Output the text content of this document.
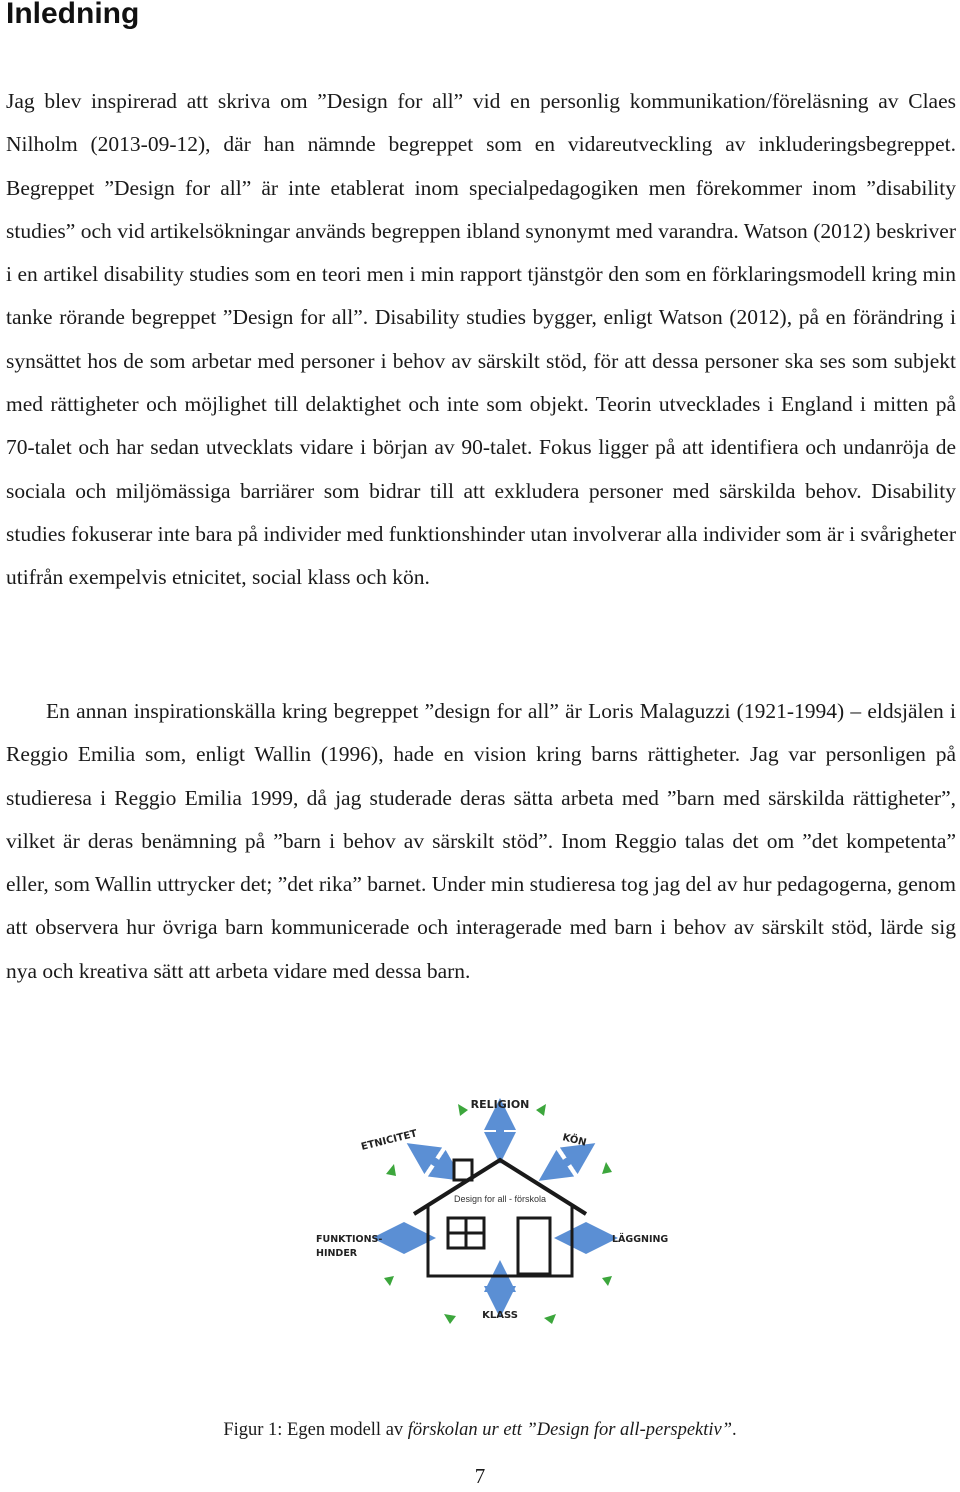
Inledning

Jag blev inspirerad att skriva om ”Design for all” vid en personlig kommunikation/föreläsning av Claes Nilholm (2013-09-12), där han nämnde begreppet som en vidareutveckling av inkluderingsbegreppet. Begreppet ”Design for all” är inte etablerat inom specialpedagogiken men förekommer inom ”disability studies” och vid artikelsökningar används begreppen ibland synonymt med varandra. Watson (2012) beskriver i en artikel disability studies som en teori men i min rapport tjänstgör den som en förklaringsmodell kring min tanke rörande begreppet ”Design for all”. Disability studies bygger, enligt Watson (2012), på en förändring i synsättet hos de som arbetar med personer i behov av särskilt stöd, för att dessa personer ska ses som subjekt med rättigheter och möjlighet till delaktighet och inte som objekt. Teorin utvecklades i England i mitten på 70-talet och har sedan utvecklats vidare i början av 90-talet. Fokus ligger på att identifiera och undanröja de sociala och miljömässiga barriärer som bidrar till att exkludera personer med särskilda behov. Disability studies fokuserar inte bara på individer med funktionshinder utan involverar alla individer som är i svårigheter utifrån exempelvis etnicitet, social klass och kön.

En annan inspirationskälla kring begreppet ”design for all” är Loris Malaguzzi (1921-1994) – eldsjälen i Reggio Emilia som, enligt Wallin (1996), hade en vision kring barns rättigheter. Jag var personligen på studieresa i Reggio Emilia 1999, då jag studerade deras sätta arbeta med ”barn med särskilda rättigheter”, vilket är deras benämning på ”barn i behov av särskilt stöd”. Inom Reggio talas det om ”det kompetenta” eller, som Wallin uttrycker det; ”det rika” barnet. Under min studieresa tog jag del av hur pedagogerna, genom att observera hur övriga barn kommunicerade och interagerade med barn i behov av särskilt stöd, lärde sig nya och kreativa sätt att arbeta vidare med dessa barn.

Design for all - förskola
RELIGION
ETNICITET	KÖN
FUNKTIONS-
HINDER
LÄGGNING
KLASS

Figur 1: Egen modell av förskolan ur ett ”Design for all-perspektiv”.

7
